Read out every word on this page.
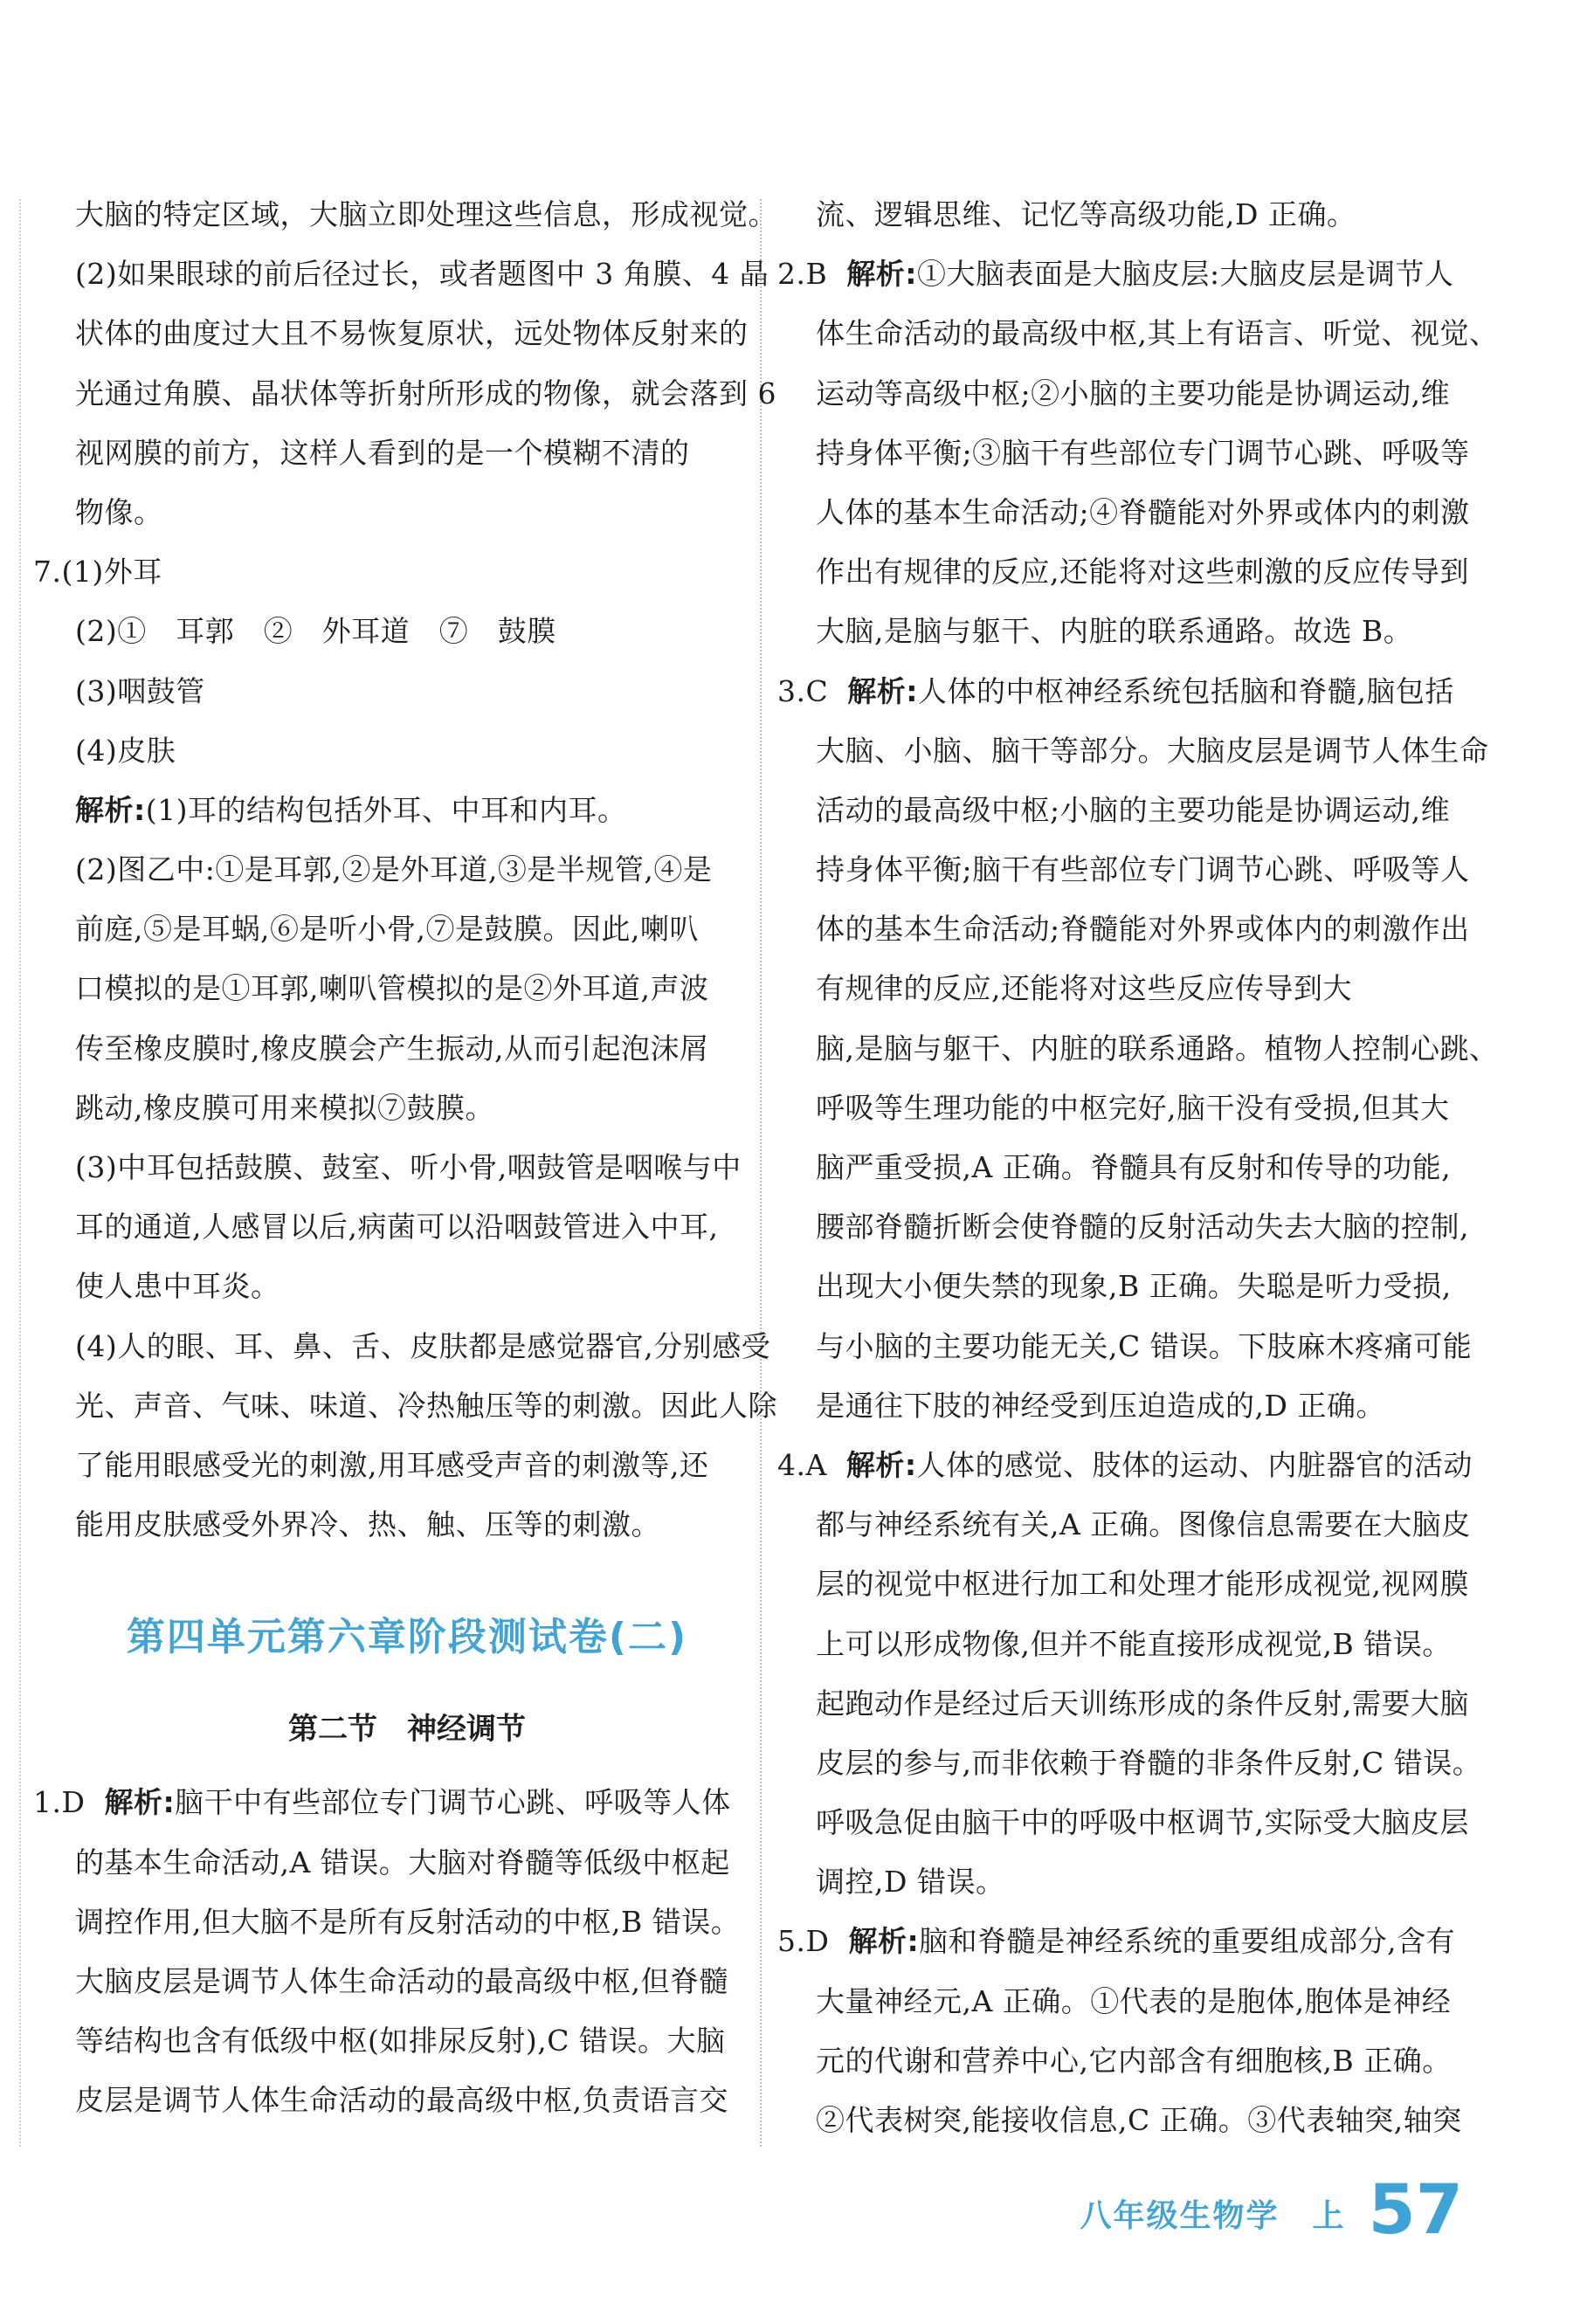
大脑的特定区域，大脑立即处理这些信息，形成视觉。
(2)如果眼球的前后径过长，或者题图中 3 角膜、4 晶
状体的曲度过大且不易恢复原状，远处物体反射来的
光通过角膜、晶状体等折射所形成的物像，就会落到 6
视网膜的前方，这样人看到的是一个模糊不清的
物像。
7.(1)外耳
(2)①　耳郭　②　外耳道　⑦　鼓膜
(3)咽鼓管
(4)皮肤
解析:(1)耳的结构包括外耳、中耳和内耳。
(2)图乙中:①是耳郭,②是外耳道,③是半规管,④是
前庭,⑤是耳蜗,⑥是听小骨,⑦是鼓膜。因此,喇叭
口模拟的是①耳郭,喇叭管模拟的是②外耳道,声波
传至橡皮膜时,橡皮膜会产生振动,从而引起泡沫屑
跳动,橡皮膜可用来模拟⑦鼓膜。
(3)中耳包括鼓膜、鼓室、听小骨,咽鼓管是咽喉与中
耳的通道,人感冒以后,病菌可以沿咽鼓管进入中耳,
使人患中耳炎。
(4)人的眼、耳、鼻、舌、皮肤都是感觉器官,分别感受
光、声音、气味、味道、冷热触压等的刺激。因此人除
了能用眼感受光的刺激,用耳感受声音的刺激等,还
能用皮肤感受外界冷、热、触、压等的刺激。
第四单元第六章阶段测试卷(二)
第二节　神经调节
1.D 解析:脑干中有些部位专门调节心跳、呼吸等人体
的基本生命活动,A 错误。大脑对脊髓等低级中枢起
调控作用,但大脑不是所有反射活动的中枢,B 错误。
大脑皮层是调节人体生命活动的最高级中枢,但脊髓
等结构也含有低级中枢(如排尿反射),C 错误。大脑
皮层是调节人体生命活动的最高级中枢,负责语言交
流、逻辑思维、记忆等高级功能,D 正确。
2.B 解析:①大脑表面是大脑皮层:大脑皮层是调节人
体生命活动的最高级中枢,其上有语言、听觉、视觉、
运动等高级中枢;②小脑的主要功能是协调运动,维
持身体平衡;③脑干有些部位专门调节心跳、呼吸等
人体的基本生命活动;④脊髓能对外界或体内的刺激
作出有规律的反应,还能将对这些刺激的反应传导到
大脑,是脑与躯干、内脏的联系通路。故选 B。
3.C 解析:人体的中枢神经系统包括脑和脊髓,脑包括
大脑、小脑、脑干等部分。大脑皮层是调节人体生命
活动的最高级中枢;小脑的主要功能是协调运动,维
持身体平衡;脑干有些部位专门调节心跳、呼吸等人
体的基本生命活动;脊髓能对外界或体内的刺激作出
有规律的反应,还能将对这些反应传导到大
脑,是脑与躯干、内脏的联系通路。植物人控制心跳、
呼吸等生理功能的中枢完好,脑干没有受损,但其大
脑严重受损,A 正确。脊髓具有反射和传导的功能,
腰部脊髓折断会使脊髓的反射活动失去大脑的控制,
出现大小便失禁的现象,B 正确。失聪是听力受损,
与小脑的主要功能无关,C 错误。下肢麻木疼痛可能
是通往下肢的神经受到压迫造成的,D 正确。
4.A 解析:人体的感觉、肢体的运动、内脏器官的活动
都与神经系统有关,A 正确。图像信息需要在大脑皮
层的视觉中枢进行加工和处理才能形成视觉,视网膜
上可以形成物像,但并不能直接形成视觉,B 错误。
起跑动作是经过后天训练形成的条件反射,需要大脑
皮层的参与,而非依赖于脊髓的非条件反射,C 错误。
呼吸急促由脑干中的呼吸中枢调节,实际受大脑皮层
调控,D 错误。
5.D 解析:脑和脊髓是神经系统的重要组成部分,含有
大量神经元,A 正确。①代表的是胞体,胞体是神经
元的代谢和营养中心,它内部含有细胞核,B 正确。
②代表树突,能接收信息,C 正确。③代表轴突,轴突
八年级生物学　上 57
